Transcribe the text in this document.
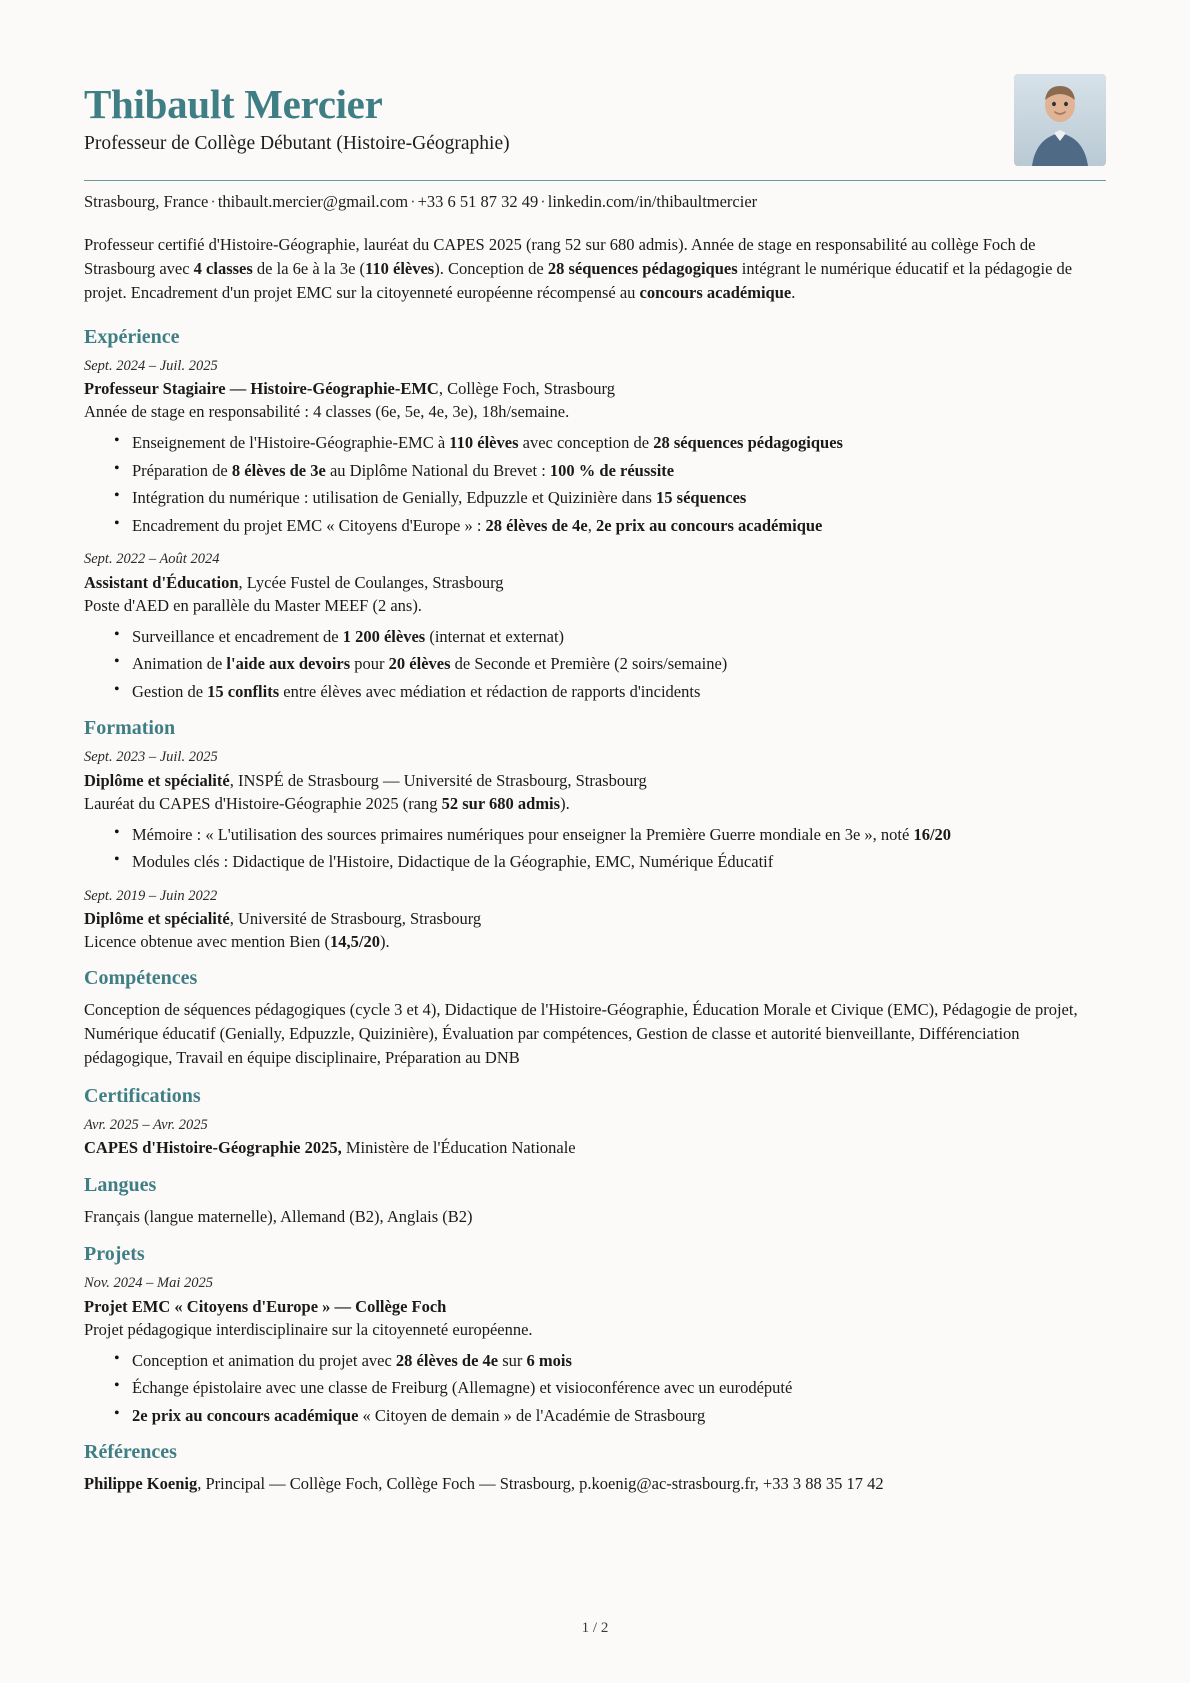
Thibault Mercier
Professeur de Collège Débutant (Histoire-Géographie)
Strasbourg, France · thibault.mercier@gmail.com · +33 6 51 87 32 49 · linkedin.com/in/thibaultmercier

Professeur certifié d'Histoire-Géographie, lauréat du CAPES 2025 (rang 52 sur 680 admis). Année de stage en responsabilité au collège Foch de Strasbourg avec 4 classes de la 6e à la 3e (110 élèves). Conception de 28 séquences pédagogiques intégrant le numérique éducatif et la pédagogie de projet. Encadrement d'un projet EMC sur la citoyenneté européenne récompensé au concours académique.

Expérience
Sept. 2024 – Juil. 2025
Professeur Stagiaire — Histoire-Géographie-EMC, Collège Foch, Strasbourg
Année de stage en responsabilité : 4 classes (6e, 5e, 4e, 3e), 18h/semaine.
• Enseignement de l'Histoire-Géographie-EMC à 110 élèves avec conception de 28 séquences pédagogiques
• Préparation de 8 élèves de 3e au Diplôme National du Brevet : 100 % de réussite
• Intégration du numérique : utilisation de Genially, Edpuzzle et Quizinière dans 15 séquences
• Encadrement du projet EMC « Citoyens d'Europe » : 28 élèves de 4e, 2e prix au concours académique
Sept. 2022 – Août 2024
Assistant d'Éducation, Lycée Fustel de Coulanges, Strasbourg
Poste d'AED en parallèle du Master MEEF (2 ans).
• Surveillance et encadrement de 1 200 élèves (internat et externat)
• Animation de l'aide aux devoirs pour 20 élèves de Seconde et Première (2 soirs/semaine)
• Gestion de 15 conflits entre élèves avec médiation et rédaction de rapports d'incidents
Formation
Sept. 2023 – Juil. 2025
Diplôme et spécialité, INSPÉ de Strasbourg — Université de Strasbourg, Strasbourg
Lauréat du CAPES d'Histoire-Géographie 2025 (rang 52 sur 680 admis).
• Mémoire : « L'utilisation des sources primaires numériques pour enseigner la Première Guerre mondiale en 3e », noté 16/20
• Modules clés : Didactique de l'Histoire, Didactique de la Géographie, EMC, Numérique Éducatif
Sept. 2019 – Juin 2022
Diplôme et spécialité, Université de Strasbourg, Strasbourg
Licence obtenue avec mention Bien (14,5/20).
Compétences

Conception de séquences pédagogiques (cycle 3 et 4), Didactique de l'Histoire-Géographie, Éducation Morale et Civique (EMC), Pédagogie de projet, Numérique éducatif (Genially, Edpuzzle, Quizinière), Évaluation par compétences, Gestion de classe et autorité bienveillante, Différenciation pédagogique, Travail en équipe disciplinaire, Préparation au DNB

Certifications
Avr. 2025 – Avr. 2025
CAPES d'Histoire-Géographie 2025, Ministère de l'Éducation Nationale
Langues

Français (langue maternelle), Allemand (B2), Anglais (B2)

Projets
Nov. 2024 – Mai 2025
Projet EMC « Citoyens d'Europe » — Collège Foch
Projet pédagogique interdisciplinaire sur la citoyenneté européenne.
• Conception et animation du projet avec 28 élèves de 4e sur 6 mois
• Échange épistolaire avec une classe de Freiburg (Allemagne) et visioconférence avec un eurodéputé
• 2e prix au concours académique « Citoyen de demain » de l'Académie de Strasbourg
Références
Philippe Koenig, Principal — Collège Foch, Collège Foch — Strasbourg, p.koenig@ac-strasbourg.fr, +33 3 88 35 17 42
1 / 2
